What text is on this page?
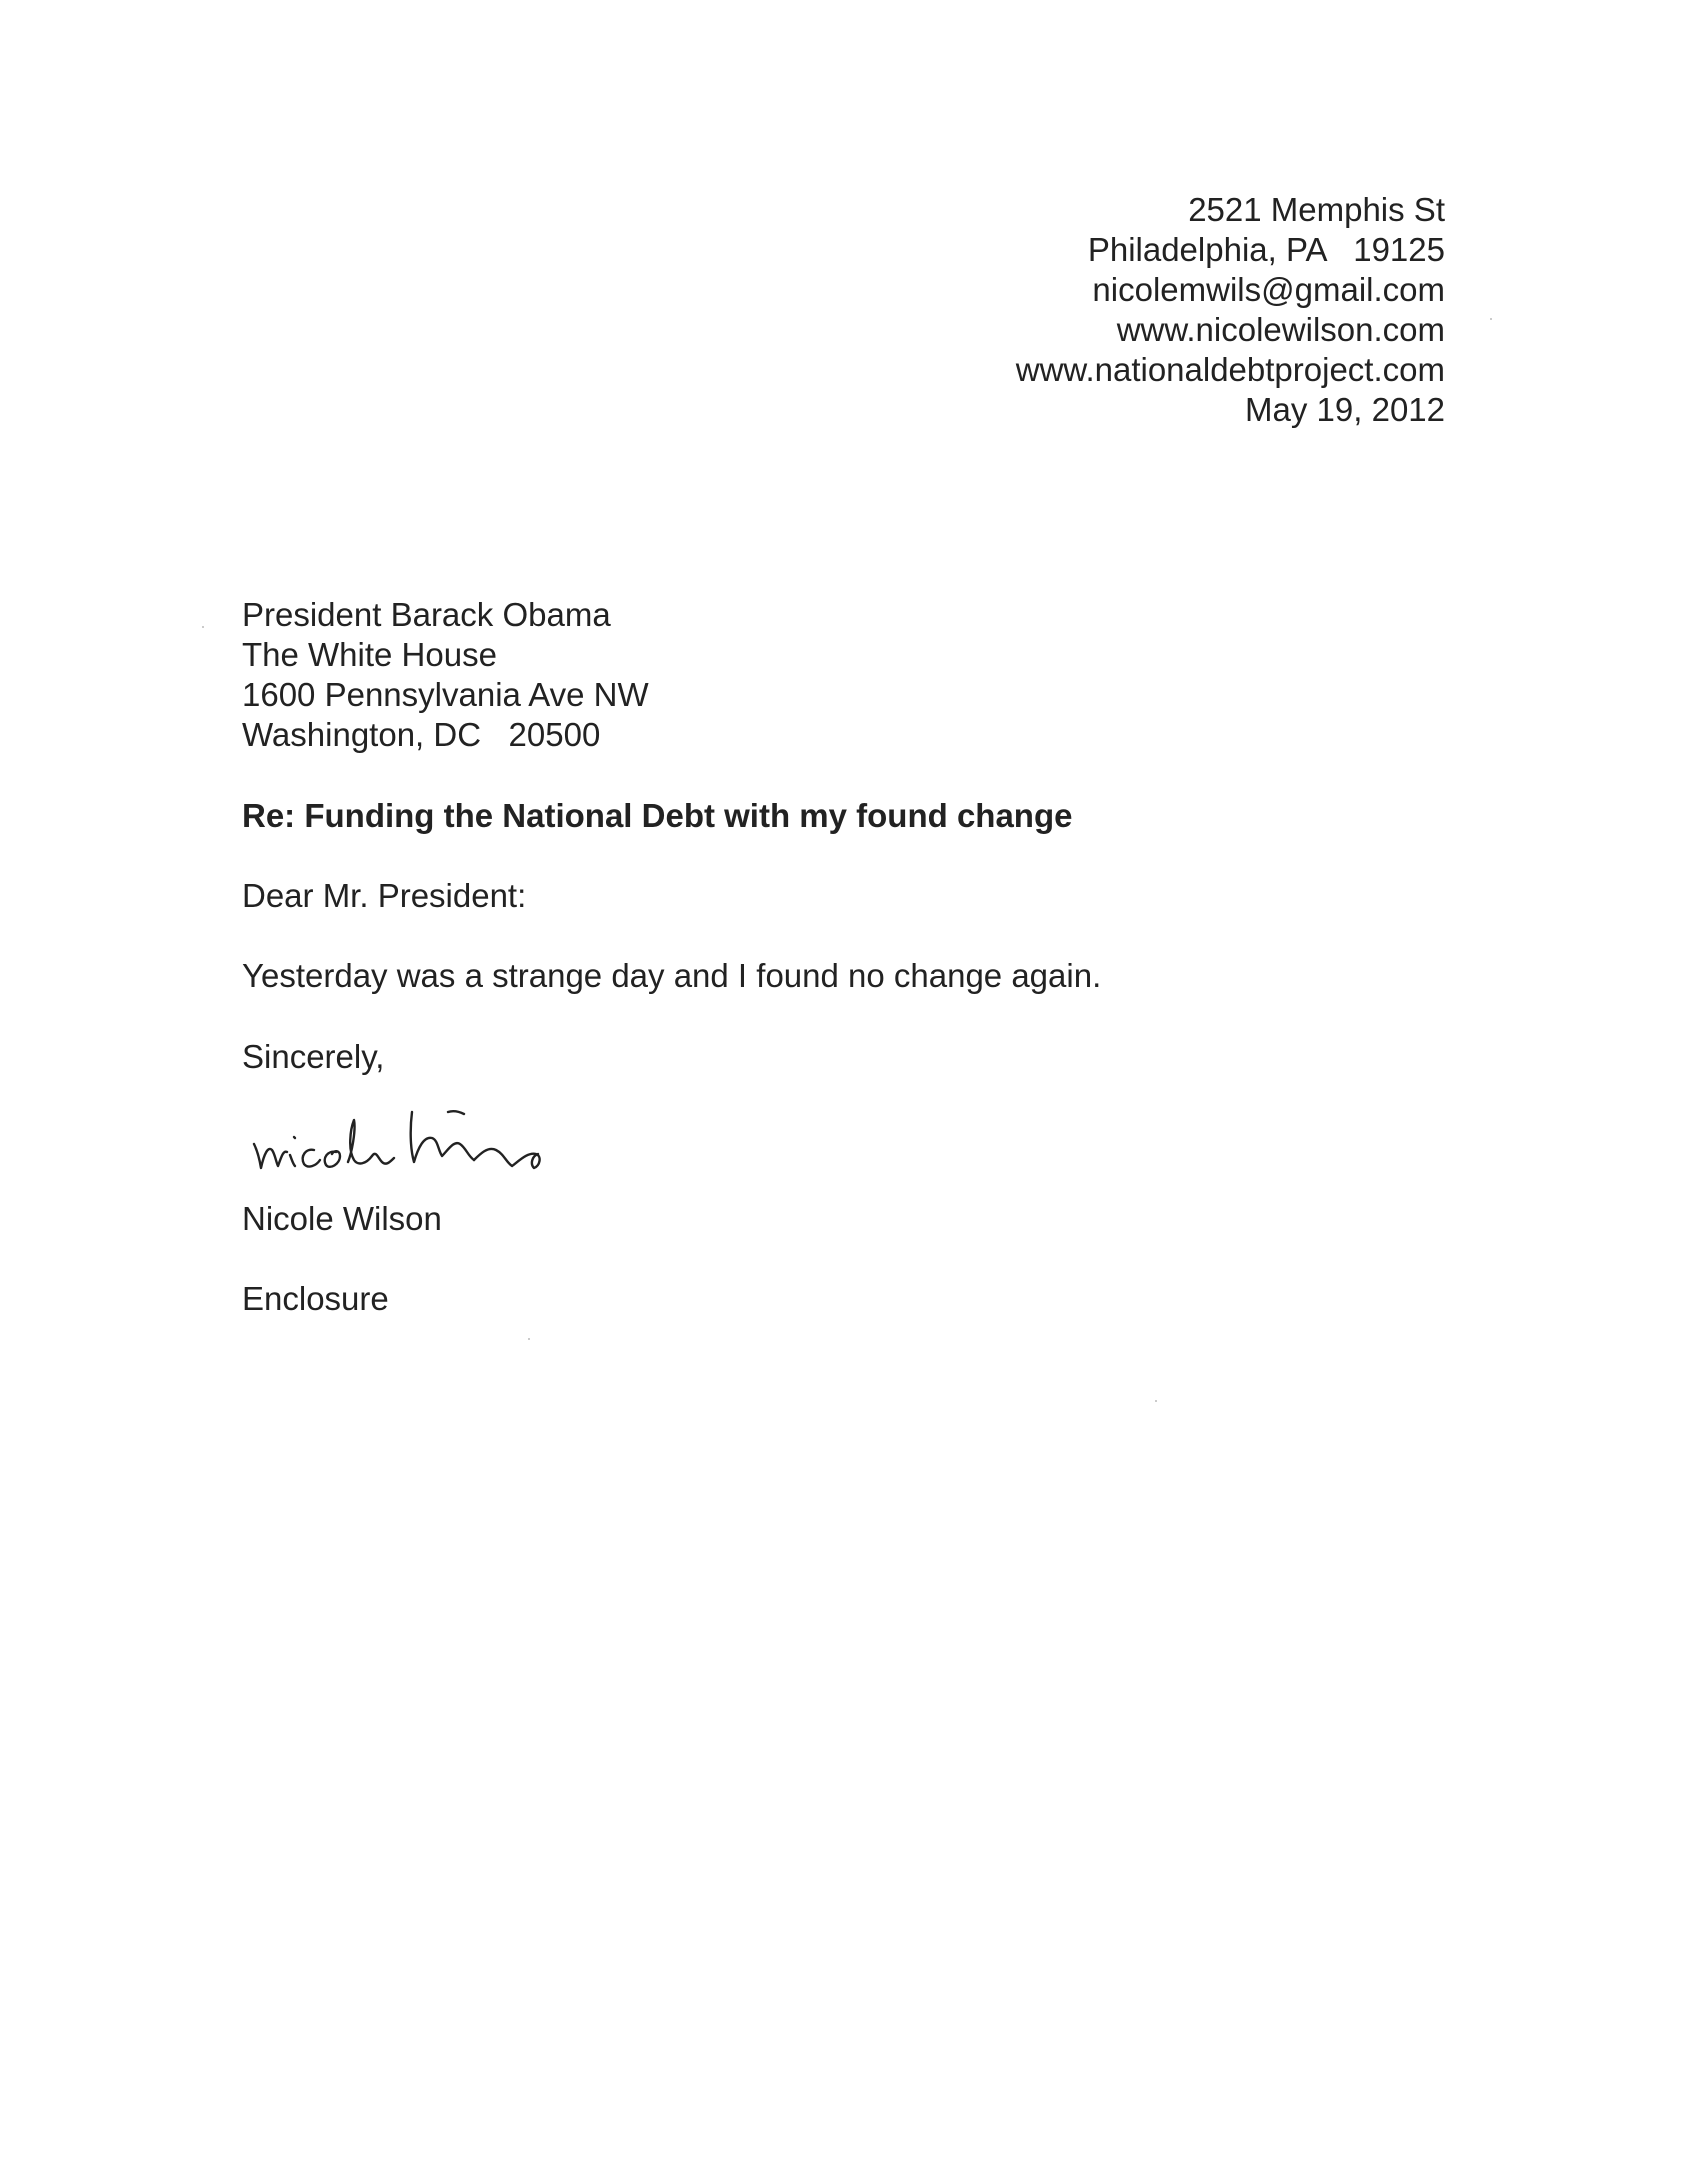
2521 Memphis St
Philadelphia, PA   19125
nicolemwils@gmail.com
www.nicolewilson.com
www.nationaldebtproject.com
May 19, 2012
President Barack Obama
The White House
1600 Pennsylvania Ave NW
Washington, DC   20500
Re: Funding the National Debt with my found change
Dear Mr. President:
Yesterday was a strange day and I found no change again.
Sincerely,
Nicole Wilson
Enclosure
